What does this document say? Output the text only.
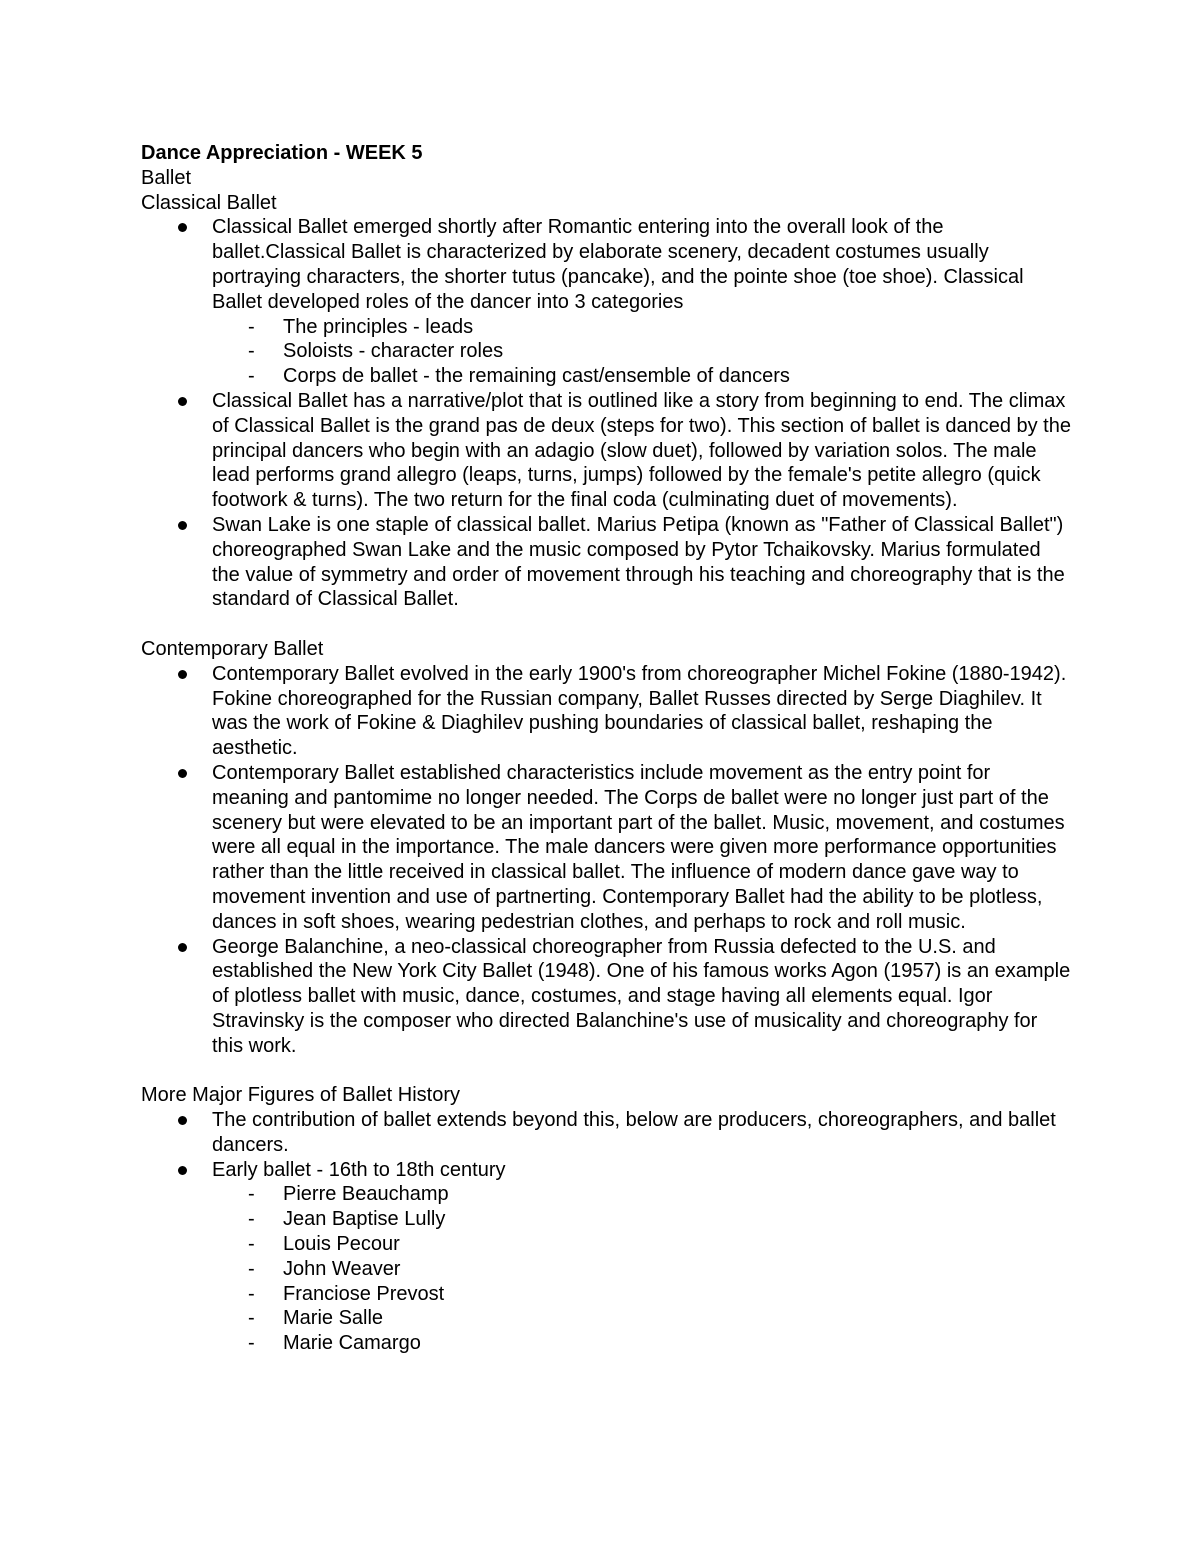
Dance Appreciation - WEEK 5

Ballet

Classical Ballet

Classical Ballet emerged shortly after Romantic entering into the overall look of the ballet.Classical Ballet is characterized by elaborate scenery, decadent costumes usually portraying characters, the shorter tutus (pancake), and the pointe shoe (toe shoe). Classical Ballet developed roles of the dancer into 3 categories
- The principles - leads
- Soloists - character roles
- Corps de ballet - the remaining cast/ensemble of dancers
Classical Ballet has a narrative/plot that is outlined like a story from beginning to end. The climax of Classical Ballet is the grand pas de deux (steps for two). This section of ballet is danced by the principal dancers who begin with an adagio (slow duet), followed by variation solos. The male lead performs grand allegro (leaps, turns, jumps) followed by the female's petite allegro (quick footwork & turns). The two return for the final coda (culminating duet of movements).
Swan Lake is one staple of classical ballet. Marius Petipa (known as "Father of Classical Ballet") choreographed Swan Lake and the music composed by Pytor Tchaikovsky. Marius formulated the value of symmetry and order of movement through his teaching and choreography that is the standard of Classical Ballet.

Contemporary Ballet

Contemporary Ballet evolved in the early 1900's from choreographer Michel Fokine (1880-1942). Fokine choreographed for the Russian company, Ballet Russes directed by Serge Diaghilev. It was the work of Fokine & Diaghilev pushing boundaries of classical ballet, reshaping the aesthetic.
Contemporary Ballet established characteristics include movement as the entry point for meaning and pantomime no longer needed. The Corps de ballet were no longer just part of the scenery but were elevated to be an important part of the ballet. Music, movement, and costumes were all equal in the importance. The male dancers were given more performance opportunities rather than the little received in classical ballet. The influence of modern dance gave way to movement invention and use of partnerting. Contemporary Ballet had the ability to be plotless, dances in soft shoes, wearing pedestrian clothes, and perhaps to rock and roll music.
George Balanchine, a neo-classical choreographer from Russia defected to the U.S. and established the New York City Ballet (1948). One of his famous works Agon (1957) is an example of plotless ballet with music, dance, costumes, and stage having all elements equal. Igor Stravinsky is the composer who directed Balanchine's use of musicality and choreography for this work.

More Major Figures of Ballet History

The contribution of ballet extends beyond this, below are producers, choreographers, and ballet dancers.
Early ballet - 16th to 18th century
- Pierre Beauchamp
- Jean Baptise Lully
- Louis Pecour
- John Weaver
- Franciose Prevost
- Marie Salle
- Marie Camargo
